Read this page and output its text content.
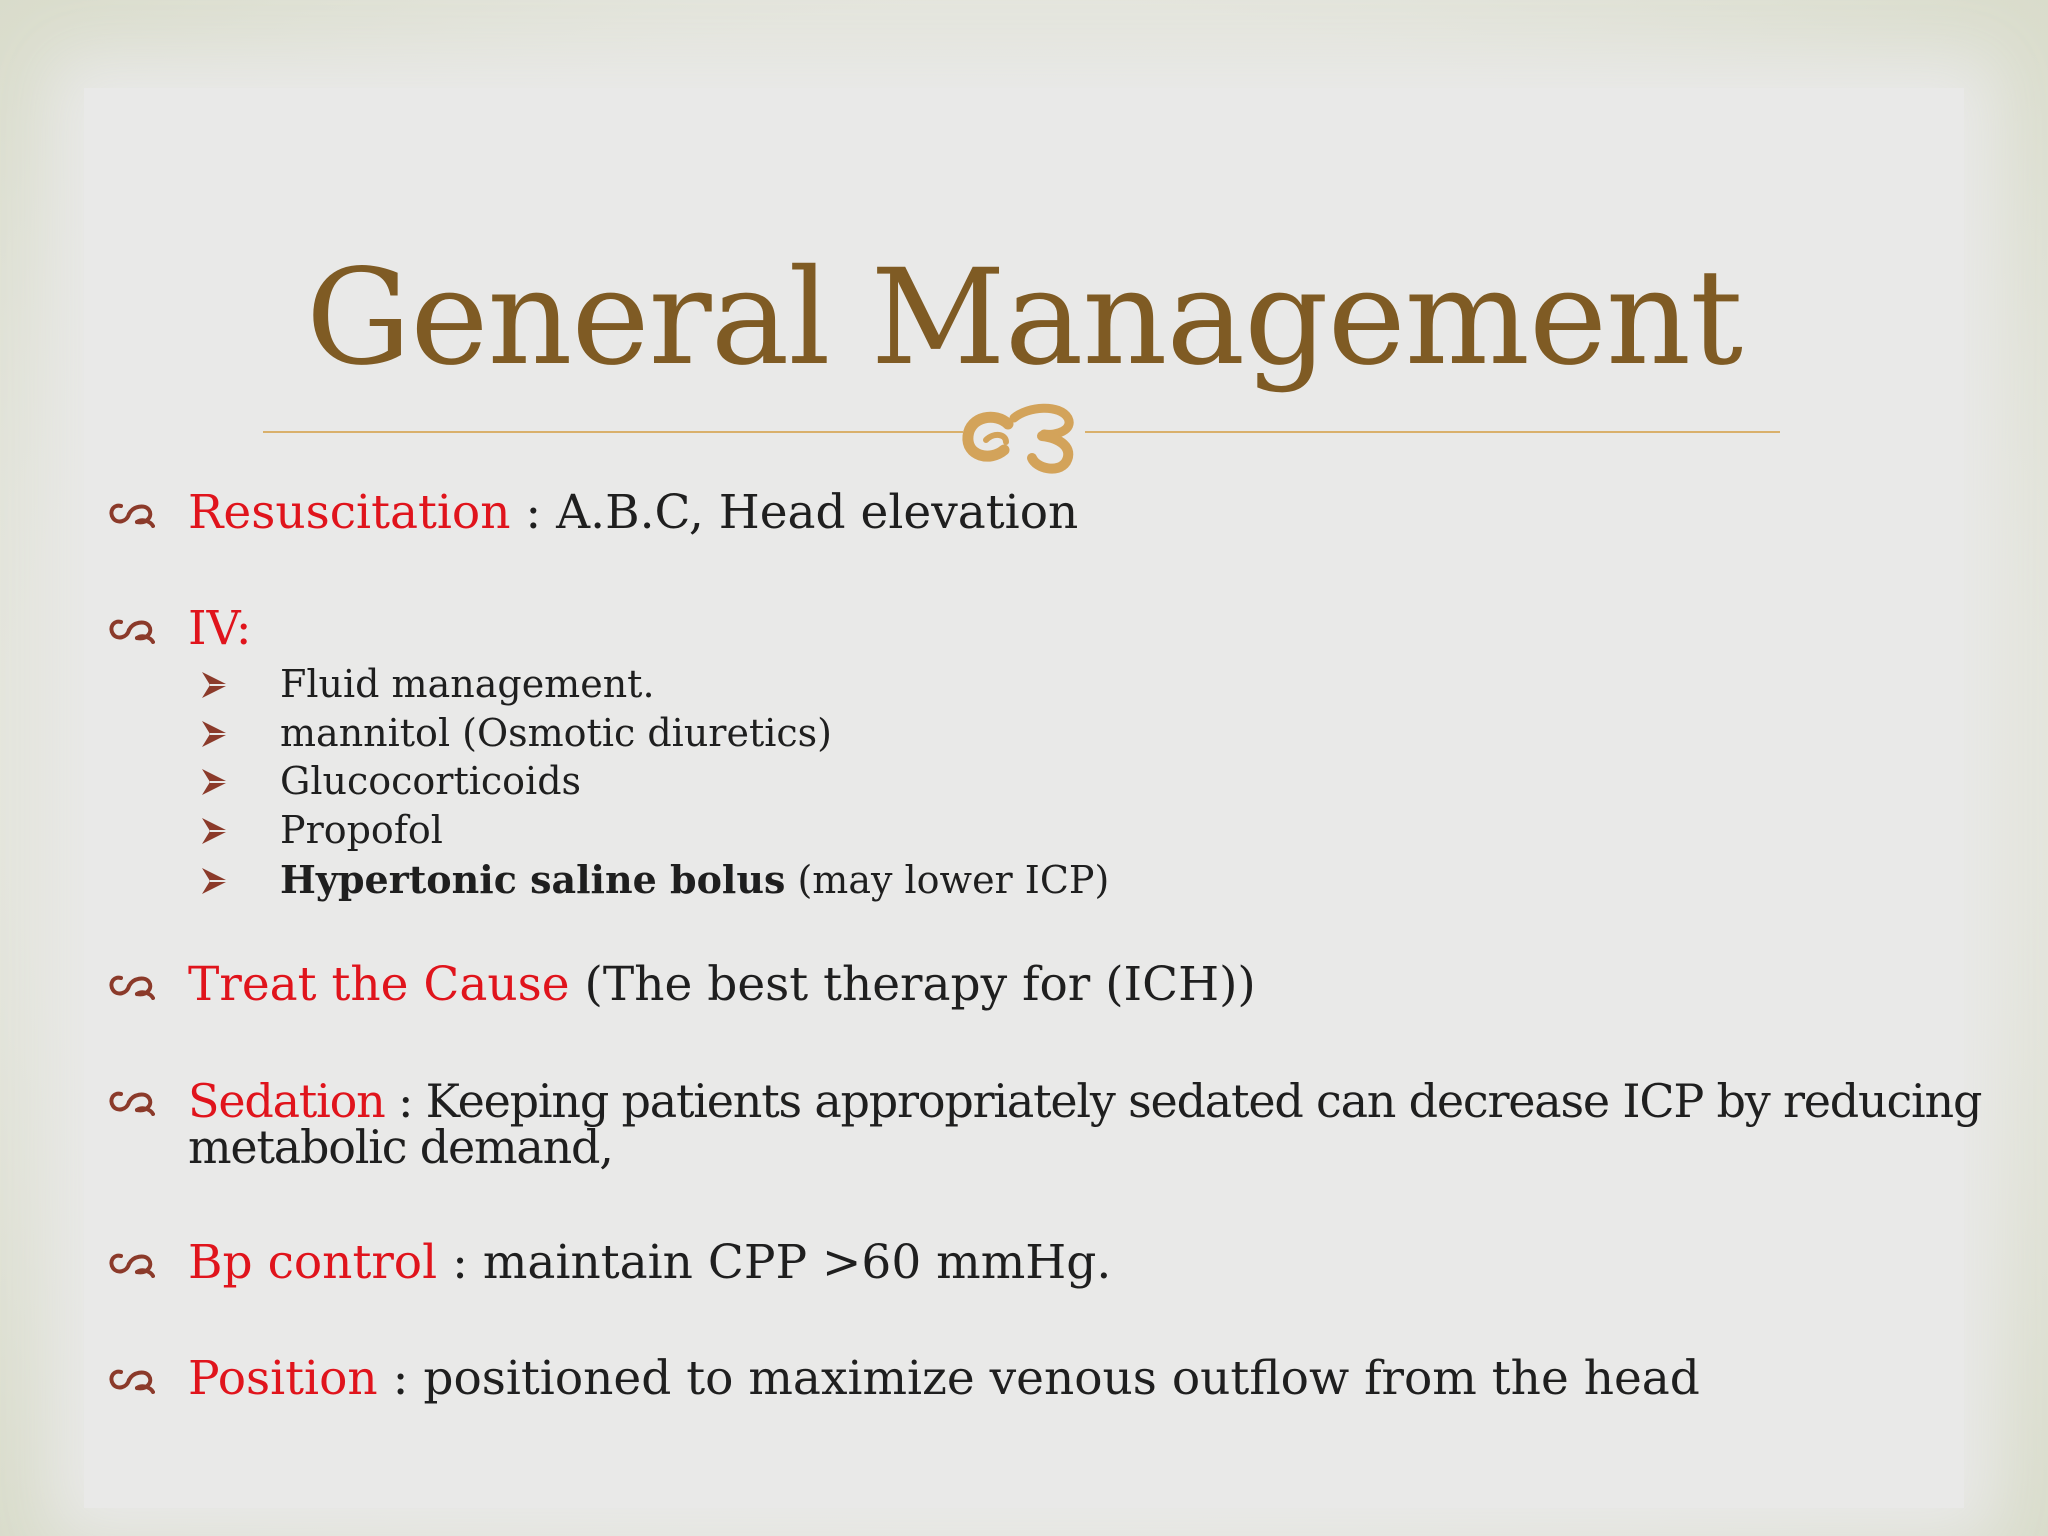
General Management
Resuscitation : A.B.C, Head elevation
IV:
Fluid management.
mannitol (Osmotic diuretics)
Glucocorticoids
Propofol
Hypertonic saline bolus (may lower ICP)
Treat the Cause (The best therapy for (ICH))
Sedation : Keeping patients appropriately sedated can decrease ICP by reducing
metabolic demand,
Bp control : maintain CPP >60 mmHg.
Position : positioned to maximize venous outflow from the head
